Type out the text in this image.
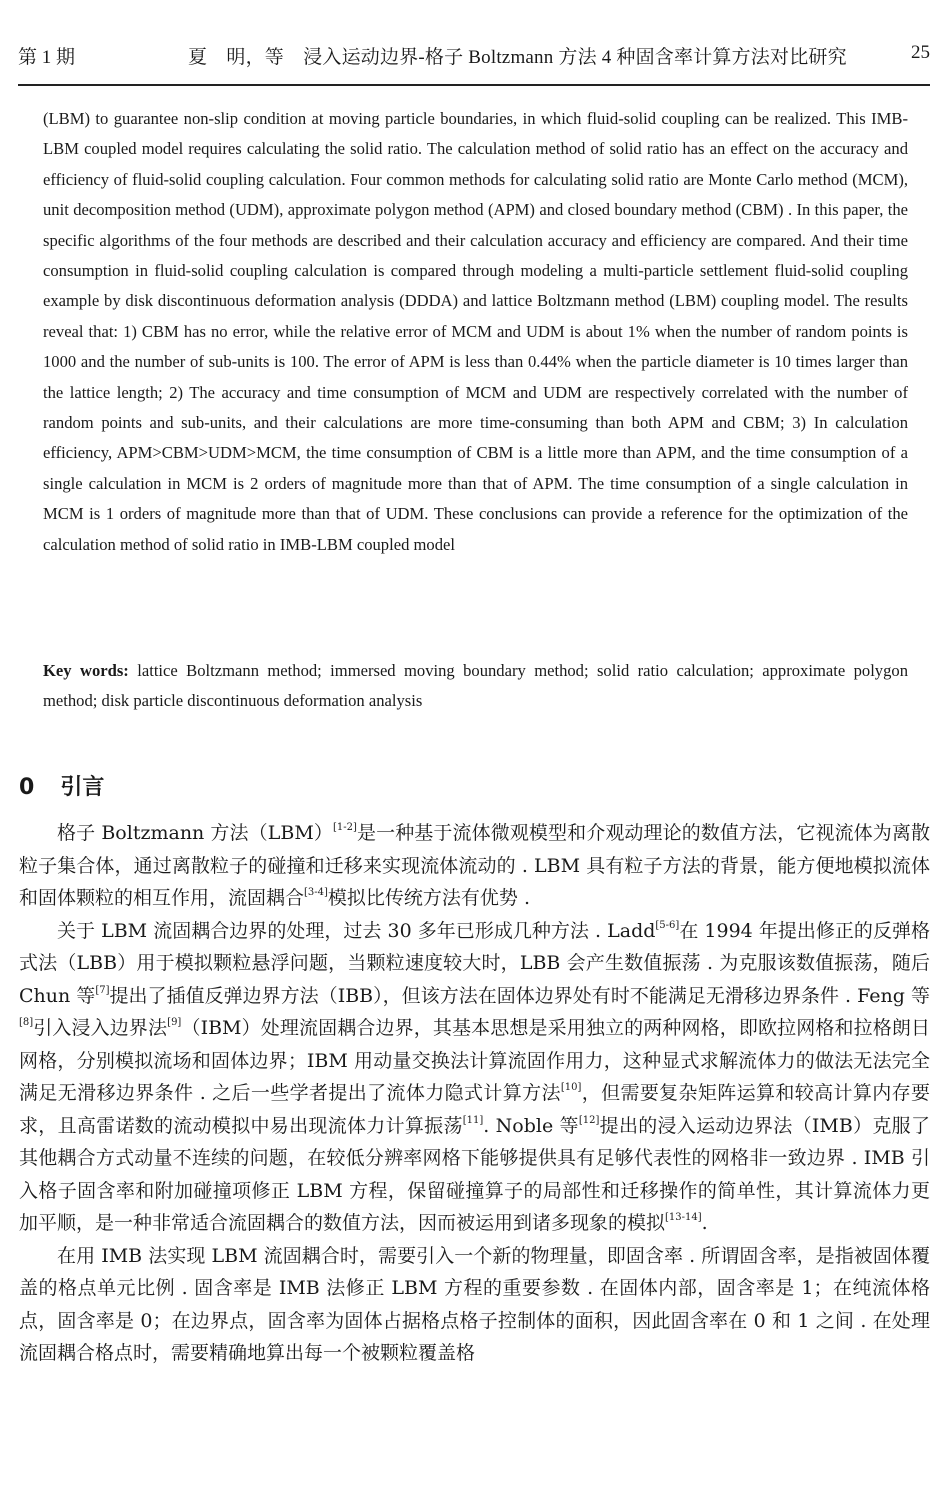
第 1 期	夏　明，等　浸入运动边界-格子 Boltzmann 方法 4 种固含率计算方法对比研究	25

(LBM) to guarantee non-slip condition at moving particle boundaries, in which fluid-solid coupling can be realized. This IMB-LBM coupled model requires calculating the solid ratio. The calculation method of solid ratio has an effect on the accuracy and efficiency of fluid-solid coupling calculation. Four common methods for calculating solid ratio are Monte Carlo method (MCM), unit decomposition method (UDM), approximate polygon method (APM) and closed boundary method (CBM) . In this paper, the specific algorithms of the four methods are described and their calculation accuracy and efficiency are compared. And their time consumption in fluid-solid coupling calculation is compared through modeling a multi-particle settlement fluid-solid coupling example by disk discontinuous deformation analysis (DDDA) and lattice Boltzmann method (LBM) coupling model. The results reveal that: 1) CBM has no error, while the relative error of MCM and UDM is about 1% when the number of random points is 1000 and the number of sub-units is 100. The error of APM is less than 0.44% when the particle diameter is 10 times larger than the lattice length; 2) The accuracy and time consumption of MCM and UDM are respectively correlated with the number of random points and sub-units, and their calculations are more time-consuming than both APM and CBM; 3) In calculation efficiency, APM>CBM>UDM>MCM, the time consumption of CBM is a little more than APM, and the time consumption of a single calculation in MCM is 2 orders of magnitude more than that of APM. The time consumption of a single calculation in MCM is 1 orders of magnitude more than that of UDM. These conclusions can provide a reference for the optimization of the calculation method of solid ratio in IMB-LBM coupled model

Key words: lattice Boltzmann method; immersed moving boundary method; solid ratio calculation; approximate polygon method; disk particle discontinuous deformation analysis
0 引言

格子 Boltzmann 方法（LBM）[1-2]是一种基于流体微观模型和介观动理论的数值方法，它视流体为离散粒子集合体，通过离散粒子的碰撞和迁移来实现流体流动的 . LBM 具有粒子方法的背景，能方便地模拟流体和固体颗粒的相互作用，流固耦合[3-4]模拟比传统方法有优势 .

关于 LBM 流固耦合边界的处理，过去 30 多年已形成几种方法 . Ladd[5-6]在 1994 年提出修正的反弹格式法（LBB）用于模拟颗粒悬浮问题，当颗粒速度较大时，LBB 会产生数值振荡 . 为克服该数值振荡，随后 Chun 等[7]提出了插值反弹边界方法（IBB），但该方法在固体边界处有时不能满足无滑移边界条件 . Feng 等[8]引入浸入边界法[9]（IBM）处理流固耦合边界，其基本思想是采用独立的两种网格，即欧拉网格和拉格朗日网格，分别模拟流场和固体边界；IBM 用动量交换法计算流固作用力，这种显式求解流体力的做法无法完全满足无滑移边界条件 . 之后一些学者提出了流体力隐式计算方法[10]，但需要复杂矩阵运算和较高计算内存要求，且高雷诺数的流动模拟中易出现流体力计算振荡[11]. Noble 等[12]提出的浸入运动边界法（IMB）克服了其他耦合方式动量不连续的问题，在较低分辨率网格下能够提供具有足够代表性的网格非一致边界 . IMB 引入格子固含率和附加碰撞项修正 LBM 方程，保留碰撞算子的局部性和迁移操作的简单性，其计算流体力更加平顺，是一种非常适合流固耦合的数值方法，因而被运用到诸多现象的模拟[13-14].

在用 IMB 法实现 LBM 流固耦合时，需要引入一个新的物理量，即固含率 . 所谓固含率，是指被固体覆盖的格点单元比例 . 固含率是 IMB 法修正 LBM 方程的重要参数 . 在固体内部，固含率是 1；在纯流体格点，固含率是 0；在边界点，固含率为固体占据格点格子控制体的面积，因此固含率在 0 和 1 之间 . 在处理流固耦合格点时，需要精确地算出每一个被颗粒覆盖格
